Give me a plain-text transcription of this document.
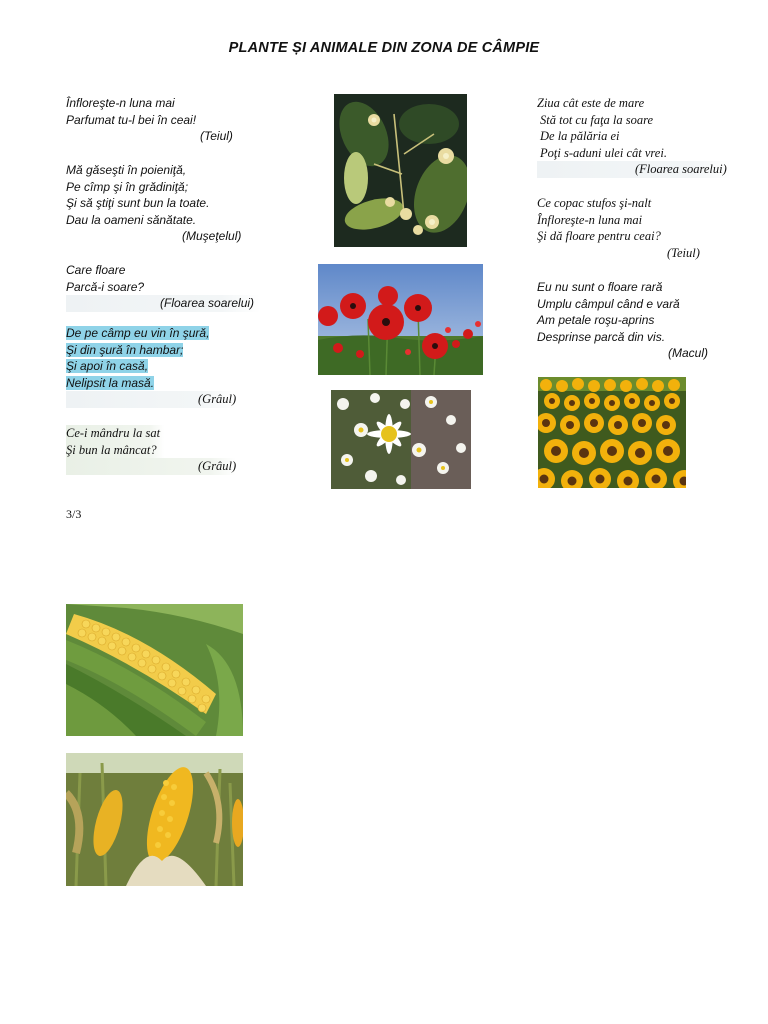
PLANTE ȘI ANIMALE DIN ZONA DE CÂMPIE
Înfloreşte-n luna mai
Parfumat tu-l bei în ceai!
(Teiul)
Mă găseşti în poieniţă,
Pe cîmp şi în grădiniţă;
Şi să ştiţi sunt bun la toate.
Dau la oameni sănătate.
(Muşeţelul)
Care floare
Parcă-i soare?
(Floarea soarelui)
De pe câmp eu vin în şură,
Şi din şură în hambar;
Şi apoi în casă,
Nelipsit la masă.
(Grâul)
Ce-i mândru la sat
Şi bun la mâncat?
(Grâul)
Ziua cât este de mare
Stă tot cu faţa la soare
De la pălăria ei
Poţi s-aduni ulei cât vrei.
(Floarea soarelui)
Ce copac stufos şi-nalt
Înfloreşte-n luna mai
Şi dă floare pentru ceai?
(Teiul)
Eu nu sunt o floare rară
Umplu câmpul când e vară
Am petale roşu-aprins
Desprinse parcă din vis.
(Macul)
3/3
